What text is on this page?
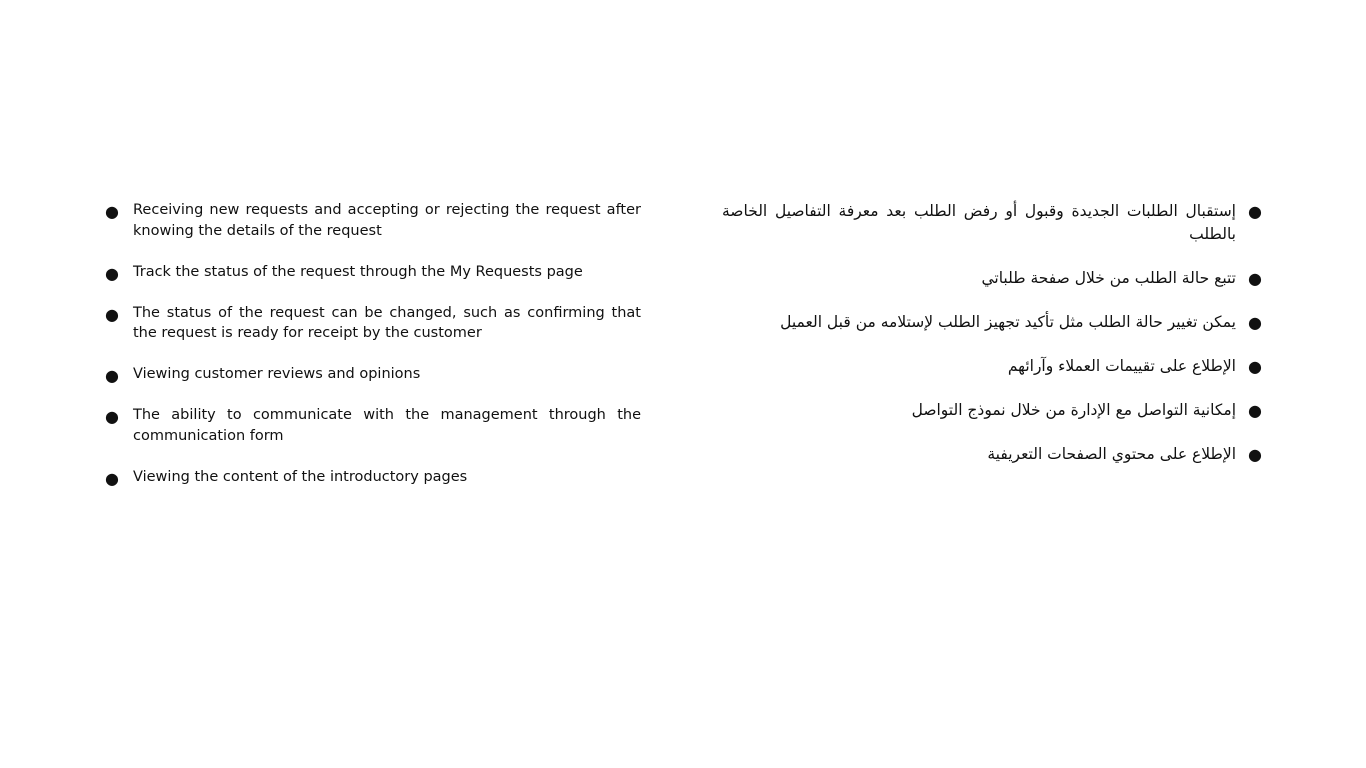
● Receiving new requests and accepting or rejecting the request after knowing the details of the request
● Track the status of the request through the My Requests page
● The status of the request can be changed, such as confirming that the request is ready for receipt by the customer
● Viewing customer reviews and opinions
● The ability to communicate with the management through the communication form
● Viewing the content of the introductory pages
●
إستقبال الطلبات الجديدة وقبول أو رفض الطلب بعد معرفة التفاصيل الخاصة بالطلب
●
تتبع حالة الطلب من خلال صفحة طلباتي
●
يمكن تغيير حالة الطلب مثل تأكيد تجهيز الطلب لإستلامه من قبل العميل
●
الإطلاع على تقييمات العملاء وآرائهم
●
إمكانية التواصل مع الإدارة من خلال نموذج التواصل
●
الإطلاع على محتوي الصفحات التعريفية
